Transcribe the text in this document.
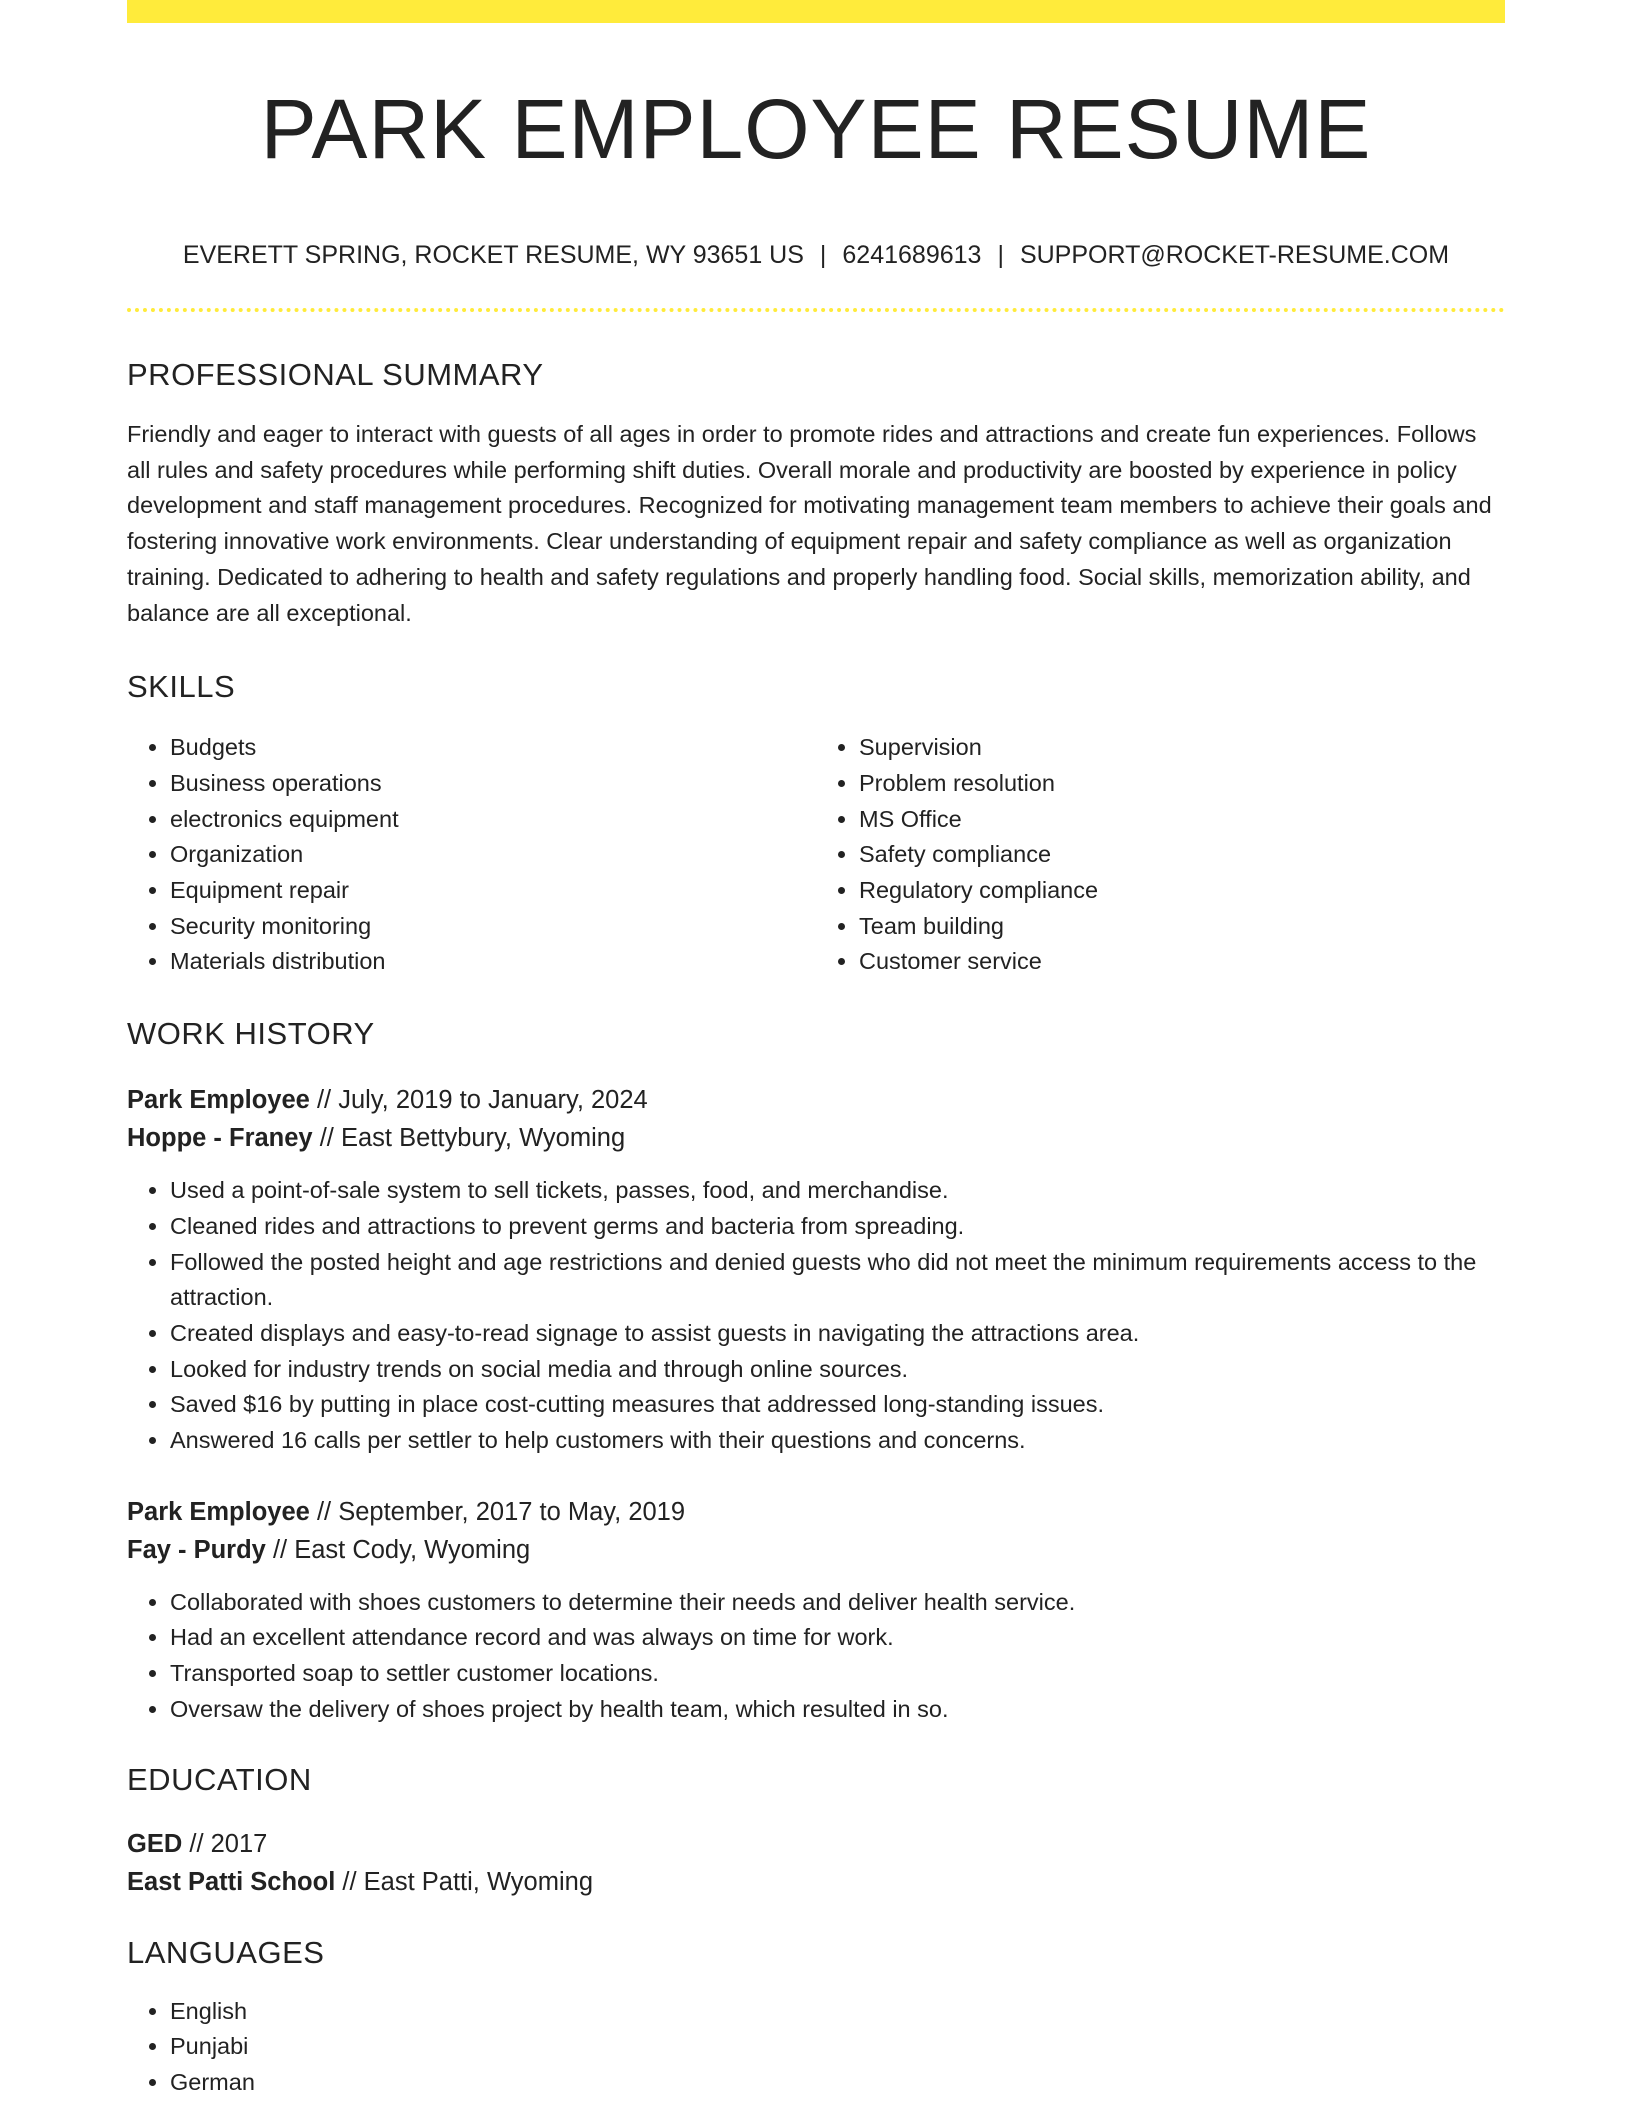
PARK EMPLOYEE RESUME
EVERETT SPRING, ROCKET RESUME, WY 93651 US | 6241689613 | SUPPORT@ROCKET-RESUME.COM
PROFESSIONAL SUMMARY

Friendly and eager to interact with guests of all ages in order to promote rides and attractions and create fun experiences. Follows all rules and safety procedures while performing shift duties. Overall morale and productivity are boosted by experience in policy development and staff management procedures. Recognized for motivating management team members to achieve their goals and fostering innovative work environments. Clear understanding of equipment repair and safety compliance as well as organization training. Dedicated to adhering to health and safety regulations and properly handling food. Social skills, memorization ability, and balance are all exceptional.

SKILLS
• Budgets
• Business operations
• electronics equipment
• Organization
• Equipment repair
• Security monitoring
• Materials distribution
• Supervision
• Problem resolution
• MS Office
• Safety compliance
• Regulatory compliance
• Team building
• Customer service
WORK HISTORY
Park Employee // July, 2019 to January, 2024
Hoppe - Franey // East Bettybury, Wyoming
• Used a point-of-sale system to sell tickets, passes, food, and merchandise.
• Cleaned rides and attractions to prevent germs and bacteria from spreading.
• Followed the posted height and age restrictions and denied guests who did not meet the minimum requirements access to the attraction.
• Created displays and easy-to-read signage to assist guests in navigating the attractions area.
• Looked for industry trends on social media and through online sources.
• Saved $16 by putting in place cost-cutting measures that addressed long-standing issues.
• Answered 16 calls per settler to help customers with their questions and concerns.
Park Employee // September, 2017 to May, 2019
Fay - Purdy // East Cody, Wyoming
• Collaborated with shoes customers to determine their needs and deliver health service.
• Had an excellent attendance record and was always on time for work.
• Transported soap to settler customer locations.
• Oversaw the delivery of shoes project by health team, which resulted in so.
EDUCATION
GED // 2017
East Patti School // East Patti, Wyoming
LANGUAGES
• English
• Punjabi
• German
